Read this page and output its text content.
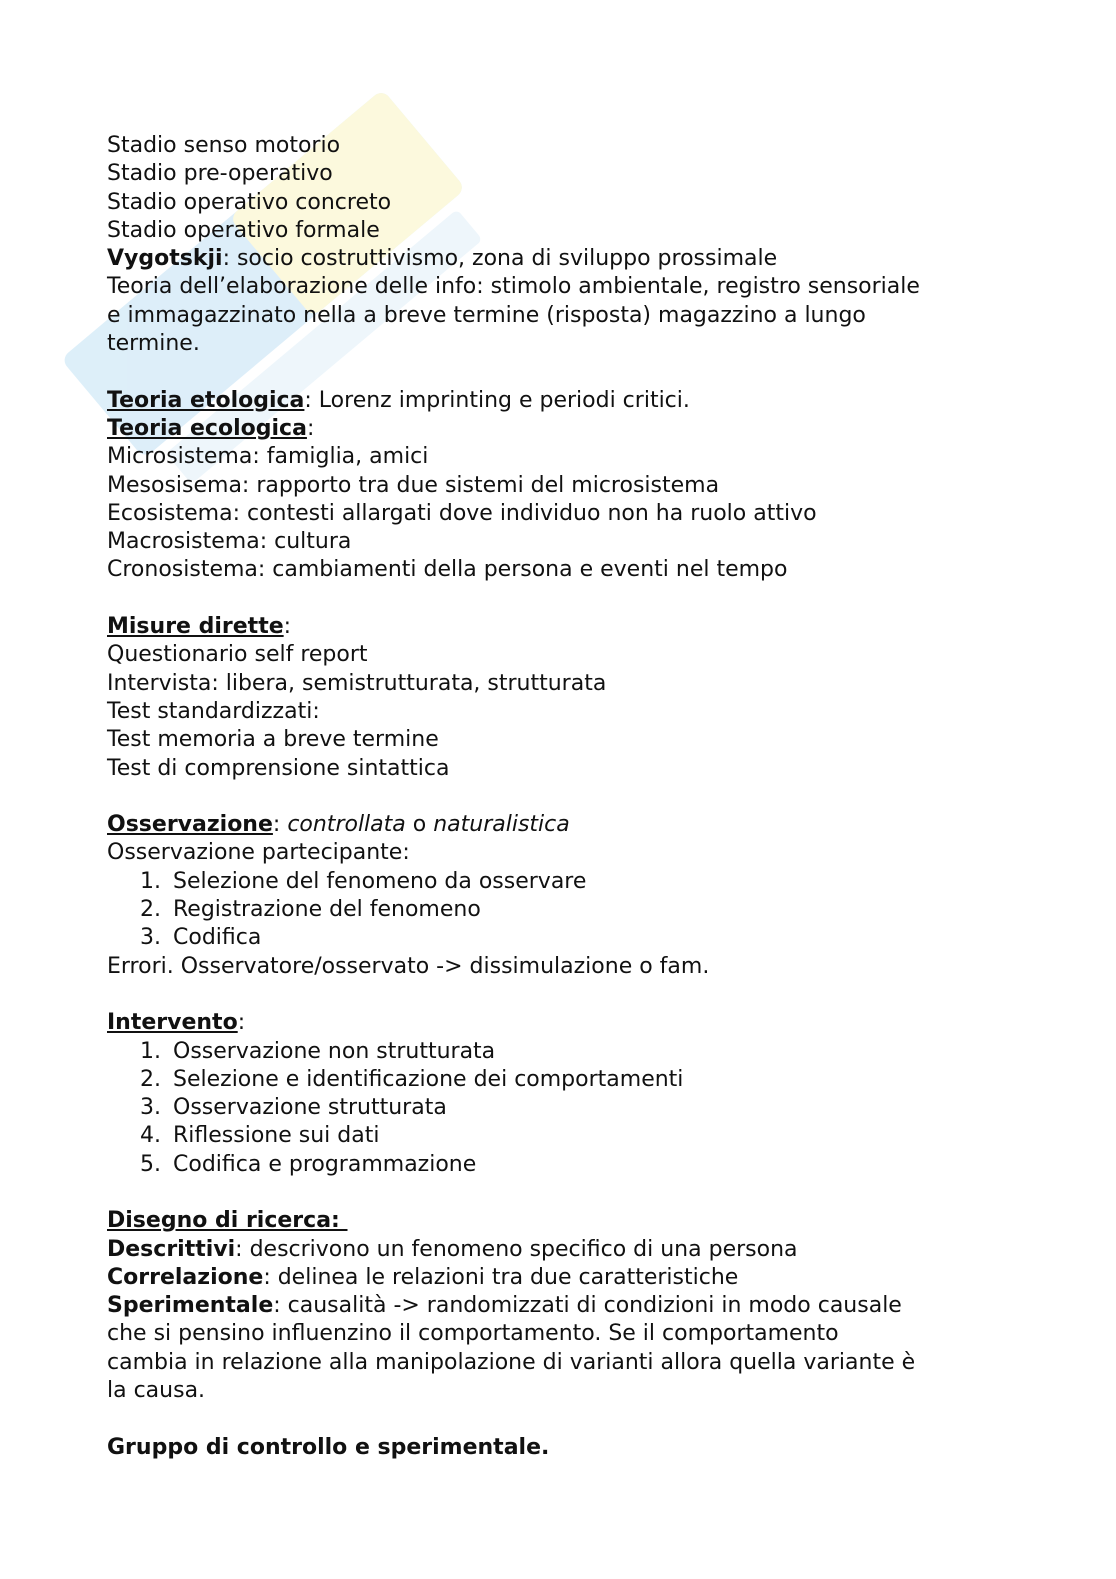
Stadio senso motorio
Stadio pre-operativo
Stadio operativo concreto
Stadio operativo formale
Vygotskji: socio costruttivismo, zona di sviluppo prossimale
Teoria dell’elaborazione delle info: stimolo ambientale, registro sensoriale
e immagazzinato nella a breve termine (risposta) magazzino a lungo
termine.
Teoria etologica: Lorenz imprinting e periodi critici.
Teoria ecologica:
Microsistema: famiglia, amici
Mesosisema: rapporto tra due sistemi del microsistema
Ecosistema: contesti allargati dove individuo non ha ruolo attivo
Macrosistema: cultura
Cronosistema: cambiamenti della persona e eventi nel tempo
Misure dirette:
Questionario self report
Intervista: libera, semistrutturata, strutturata
Test standardizzati:
Test memoria a breve termine
Test di comprensione sintattica
Osservazione: controllata o naturalistica
Osservazione partecipante:
1. Selezione del fenomeno da osservare
2. Registrazione del fenomeno
3. Codifica
Errori. Osservatore/osservato -> dissimulazione o fam.
Intervento:
1. Osservazione non strutturata
2. Selezione e identificazione dei comportamenti
3. Osservazione strutturata
4. Riflessione sui dati
5. Codifica e programmazione
Disegno di ricerca:
Descrittivi: descrivono un fenomeno specifico di una persona
Correlazione: delinea le relazioni tra due caratteristiche
Sperimentale: causalità -> randomizzati di condizioni in modo causale
che si pensino influenzino il comportamento. Se il comportamento
cambia in relazione alla manipolazione di varianti allora quella variante è
la causa.
Gruppo di controllo e sperimentale.
